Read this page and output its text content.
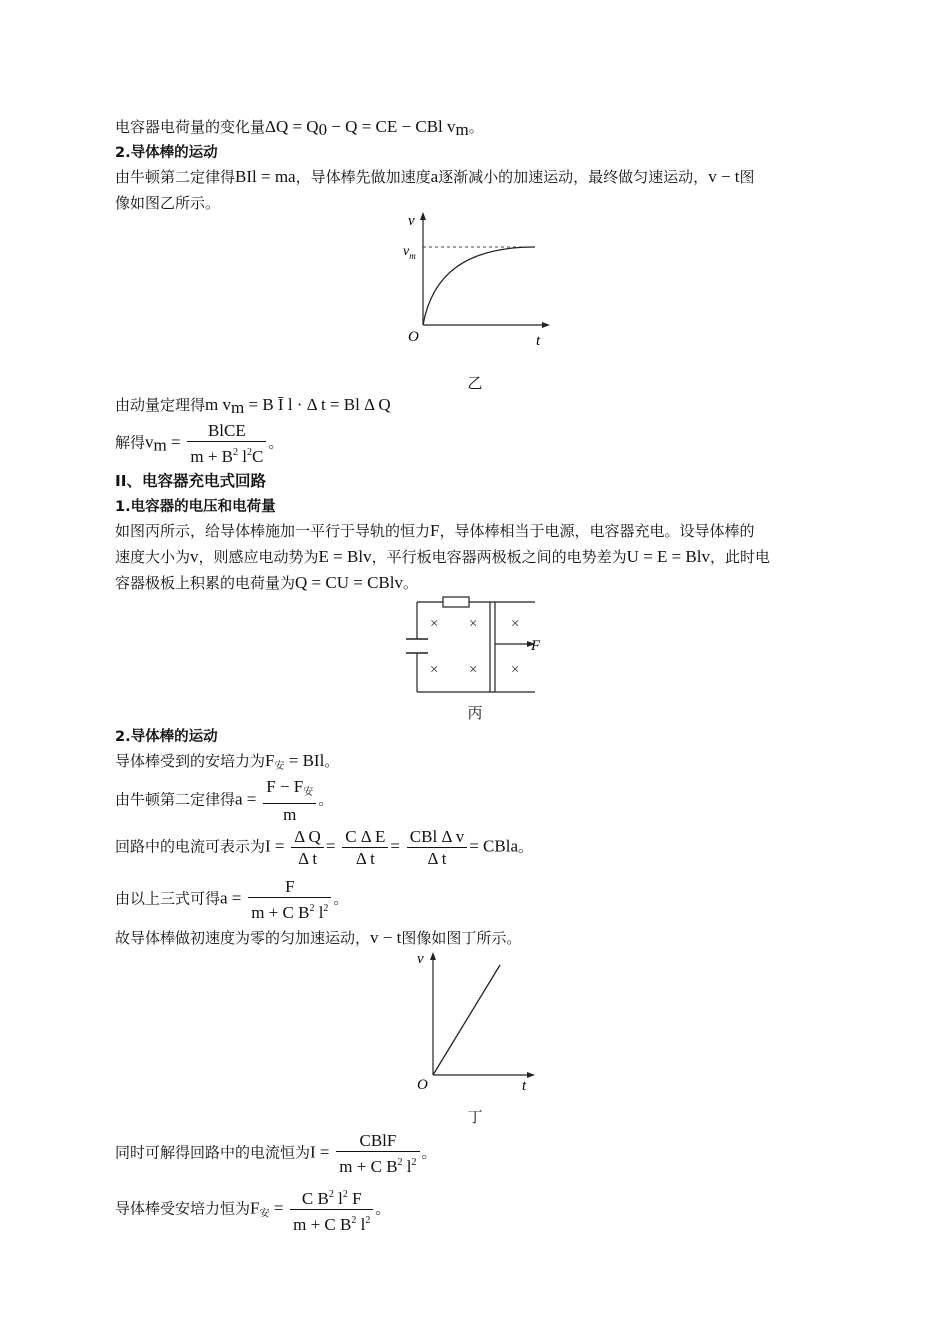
电容器电荷量的变化量$\Delta Q = Q_0 - Q$ = CE − CBl $v_m$。
2.导体棒的运动
由牛顿第二定律得BIl = ma，导体棒先做加速度a逐渐减小的加速运动，最终做匀速运动，v − t图
像如图乙所示。
v
$v_m$
O	t
乙
由动量定理得m $v_m = B$ Ī l · Δ t = Bl Δ Q
解得$v_m = \frac{\text{BlCE}}{m + B^2 l^2C}$ 。
II、电容器充电式回路
1.电容器的电压和电荷量
如图丙所示，给导体棒施加一平行于导轨的恒力F，导体棒相当于电源，电容器充电。设导体棒的
速度大小为v，则感应电动势为E = Blv，平行板电容器两极板之间的电势差为U = E = Blv，此时电
容器极板上积累的电荷量为Q = CU = CBlv。
F
× × ×
× × ×
丙
2.导体棒的运动
导体棒受到的安培力为$F_安$ = BIl。
由牛顿第二定律得$a = \frac{F - F_安}{m}$ 。
回路中的电流可表示为$I = \frac{\text{Δ Q}}{\text{Δ t}} = \frac{\text{C Δ E}}{\text{Δ t}} = \frac{\text{CBl Δ v}}{\text{Δ t}}$ = CBla。
由以上三式可得$a = \frac{F}{m + C B^2 l^2}$ 。
故导体棒做初速度为零的匀加速运动，v − t图像如图丁所示。
v
O	t
丁
同时可解得回路中的电流恒为$I = \frac{\text{CBlF}}{m + C B^2 l^2}$ 。
导体棒受安培力恒为$F_安 = \frac{C B^2 l^2 F}{m + C B^2 l^2}$ 。
